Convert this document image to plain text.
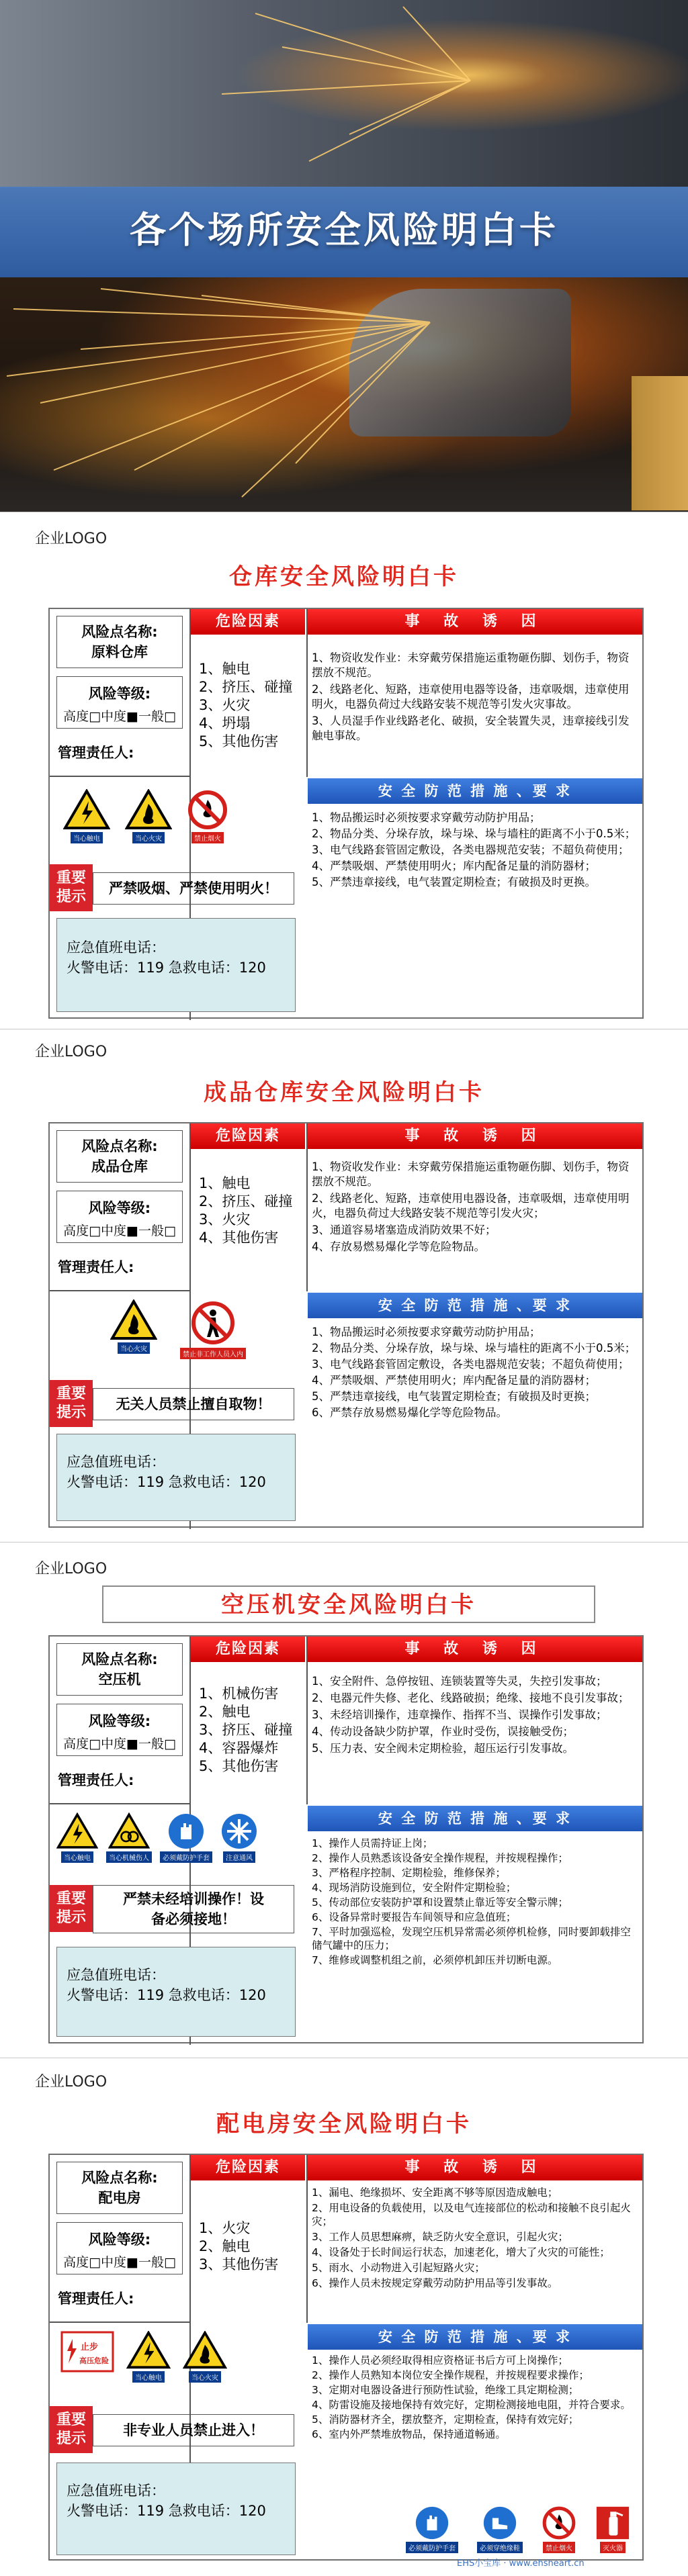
各个场所安全风险明白卡
企业LOGO
仓库安全风险明白卡
风险点名称:
原料仓库
风险等级:
高度□中度■一般□
管理责任人:
危险因素
1、触电
2、挤压、碰撞
3、火灾
4、坍塌
5、其他伤害
事 故 诱 因
1、物资收发作业：未穿戴劳保措施运重物砸伤脚、划伤手，物资摆放不规范。
2、线路老化、短路，违章使用电器等设备，违章吸烟，违章使用明火，电器负荷过大线路安装不规范等引发火灾事故。
3、人员湿手作业线路老化、破损，安全装置失灵，违章接线引发触电事故。
安 全 防 范 措 施 、要 求
1、物品搬运时必须按要求穿戴劳动防护用品；
2、物品分类、分垛存放，垛与垛、垛与墙柱的距离不小于0.5米；
3、电气线路套管固定敷设，各类电器规范安装；不超负荷使用；
4、严禁吸烟、严禁使用明火；库内配备足量的消防器材；
5、严禁违章接线，电气装置定期检查；有破损及时更换。
当心触电	当心火灾	禁止烟火
重要提示	严禁吸烟、严禁使用明火！
应急值班电话：
火警电话：119 急救电话：120
企业LOGO
成品仓库安全风险明白卡
风险点名称:
成品仓库
风险等级:
高度□中度■一般□
管理责任人:
危险因素
1、触电
2、挤压、碰撞
3、火灾
4、其他伤害
事 故 诱 因
1、物资收发作业：未穿戴劳保措施运重物砸伤脚、划伤手，物资摆放不规范。
2、线路老化、短路，违章使用电器设备，违章吸烟，违章使用明火，电器负荷过大线路安装不规范等引发火灾；
3、通道容易堵塞造成消防效果不好；
4、存放易燃易爆化学等危险物品。
安 全 防 范 措 施 、要 求
1、物品搬运时必须按要求穿戴劳动防护用品；
2、物品分类、分垛存放，垛与垛、垛与墙柱的距离不小于0.5米；
3、电气线路套管固定敷设，各类电器规范安装；不超负荷使用；
4、严禁吸烟、严禁使用明火；库内配备足量的消防器材；
5、严禁违章接线，电气装置定期检查；有破损及时更换；
6、严禁存放易燃易爆化学等危险物品。
当心火灾
禁止非工作人员入内
重要提示	无关人员禁止擅自取物！
应急值班电话：
火警电话：119 急救电话：120
企业LOGO
空压机安全风险明白卡
风险点名称:
空压机
风险等级:
高度□中度■一般□
管理责任人:
危险因素
1、机械伤害
2、触电
3、挤压、碰撞
4、容器爆炸
5、其他伤害
事 故 诱 因
1、安全附件、急停按钮、连锁装置等失灵，失控引发事故；
2、电器元件失修、老化、线路破损；绝缘、接地不良引发事故；
3、未经培训操作，违章操作、指挥不当、误操作引发事故；
4、传动设备缺少防护罩，作业时受伤，误接触受伤；
5、压力表、安全阀未定期检验，超压运行引发事故。
安 全 防 范 措 施 、要 求
1、操作人员需持证上岗；
2、操作人员熟悉该设备安全操作规程，并按规程操作；
3、严格程序控制、定期检验，维修保养；
4、现场消防设施到位，安全附件定期检验；
5、传动部位安装防护罩和设置禁止靠近等安全警示牌；
6、设备异常时要报告车间领导和应急值班；
7、平时加强巡检，发现空压机异常需必须停机检修，同时要卸载排空储气罐中的压力；
7、维修或调整机组之前，必须停机卸压并切断电源。
当心触电	当心机械伤人	必须戴防护手套	注意通风
重要提示
严禁未经培训操作！设备必须接地！
应急值班电话：
火警电话：119 急救电话：120
企业LOGO
配电房安全风险明白卡
风险点名称:
配电房
风险等级:
高度□中度■一般□
管理责任人:
危险因素
1、火灾
2、触电
3、其他伤害
事 故 诱 因
1、漏电、绝缘损坏、安全距离不够等原因造成触电；
2、用电设备的负载使用，以及电气连接部位的松动和接触不良引起火灾；
3、工作人员思想麻痹，缺乏防火安全意识，引起火灾；
4、设备处于长时间运行状态，加速老化，增大了火灾的可能性；
5、雨水、小动物进入引起短路火灾；
6、操作人员未按规定穿戴劳动防护用品等引发事故。
安 全 防 范 措 施 、要 求
1、操作人员必须经取得相应资格证书后方可上岗操作；
2、操作人员熟知本岗位安全操作规程，并按规程要求操作；
3、定期对电器设备进行预防性试验，绝缘工具定期检测；
4、防雷设施及接地保持有效完好，定期检测接地电阻，并符合要求。
5、消防器材齐全，摆放整齐，定期检查，保持有效完好；
6、室内外严禁堆放物品，保持通道畅通。
止步
高压危险
当心触电	当心火灾
重要提示	非专业人员禁止进入！
应急值班电话：
火警电话：119 急救电话：120
必须戴防护手套	必须穿绝缘鞋	禁止烟火	灭火器
EHS小宝库 · www.ehsheart.cn
